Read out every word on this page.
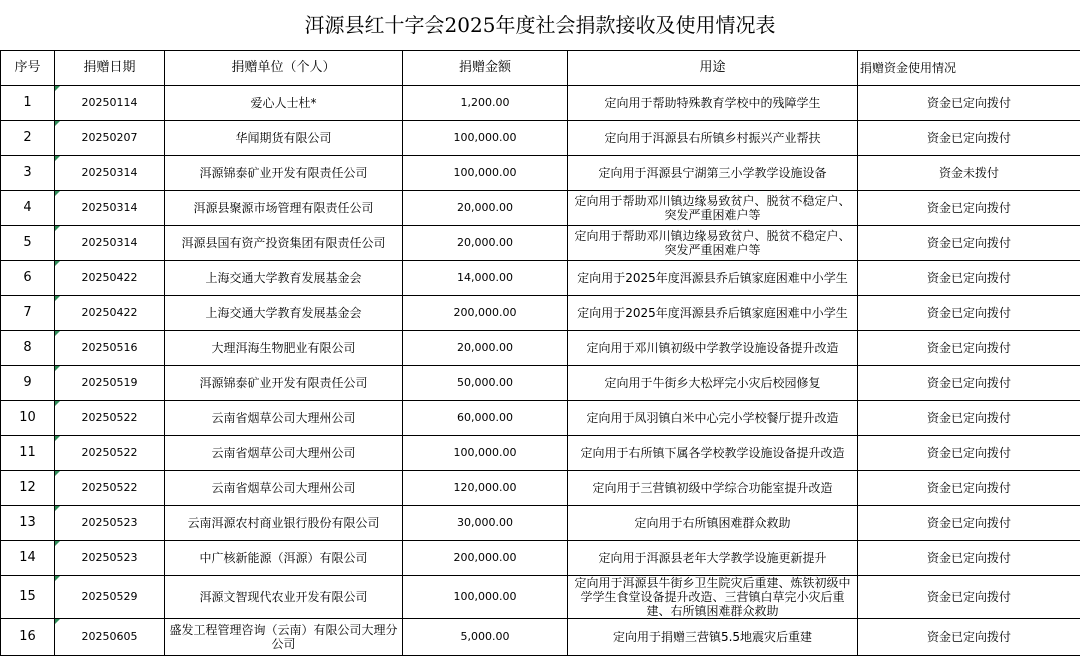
洱源县红十字会2025年度社会捐款接收及使用情况表
序号	捐赠日期	捐赠单位（个人）	捐赠金额	用途	捐赠资金使用情况
1	20250114	爱心人士杜*	1,200.00	定向用于帮助特殊教育学校中的残障学生	资金已定向拨付
2	20250207	华闻期货有限公司	100,000.00	定向用于洱源县右所镇乡村振兴产业帮扶	资金已定向拨付
3	20250314	洱源锦泰矿业开发有限责任公司	100,000.00	定向用于洱源县宁湖第三小学教学设施设备	资金未拨付
4	20250314	洱源县聚源市场管理有限责任公司	20,000.00	定向用于帮助邓川镇边缘易致贫户、脱贫不稳定户、突发严重困难户等	资金已定向拨付
5	20250314	洱源县国有资产投资集团有限责任公司	20,000.00	定向用于帮助邓川镇边缘易致贫户、脱贫不稳定户、突发严重困难户等	资金已定向拨付
6	20250422	上海交通大学教育发展基金会	14,000.00	定向用于2025年度洱源县乔后镇家庭困难中小学生	资金已定向拨付
7	20250422	上海交通大学教育发展基金会	200,000.00	定向用于2025年度洱源县乔后镇家庭困难中小学生	资金已定向拨付
8	20250516	大理洱海生物肥业有限公司	20,000.00	定向用于邓川镇初级中学教学设施设备提升改造	资金已定向拨付
9	20250519	洱源锦泰矿业开发有限责任公司	50,000.00	定向用于牛街乡大松坪完小灾后校园修复	资金已定向拨付
10	20250522	云南省烟草公司大理州公司	60,000.00	定向用于凤羽镇白米中心完小学校餐厅提升改造	资金已定向拨付
11	20250522	云南省烟草公司大理州公司	100,000.00	定向用于右所镇下属各学校教学设施设备提升改造	资金已定向拨付
12	20250522	云南省烟草公司大理州公司	120,000.00	定向用于三营镇初级中学综合功能室提升改造	资金已定向拨付
13	20250523	云南洱源农村商业银行股份有限公司	30,000.00	定向用于右所镇困难群众救助	资金已定向拨付
14	20250523	中广核新能源（洱源）有限公司	200,000.00	定向用于洱源县老年大学教学设施更新提升	资金已定向拨付
15	20250529	洱源文智现代农业开发有限公司	100,000.00	定向用于洱源县牛街乡卫生院灾后重建、炼铁初级中学学生食堂设备提升改造、三营镇白草完小灾后重建、右所镇困难群众救助	资金已定向拨付
16	20250605	盛发工程管理咨询（云南）有限公司大理分公司	5,000.00	定向用于捐赠三营镇5.5地震灾后重建	资金已定向拨付
